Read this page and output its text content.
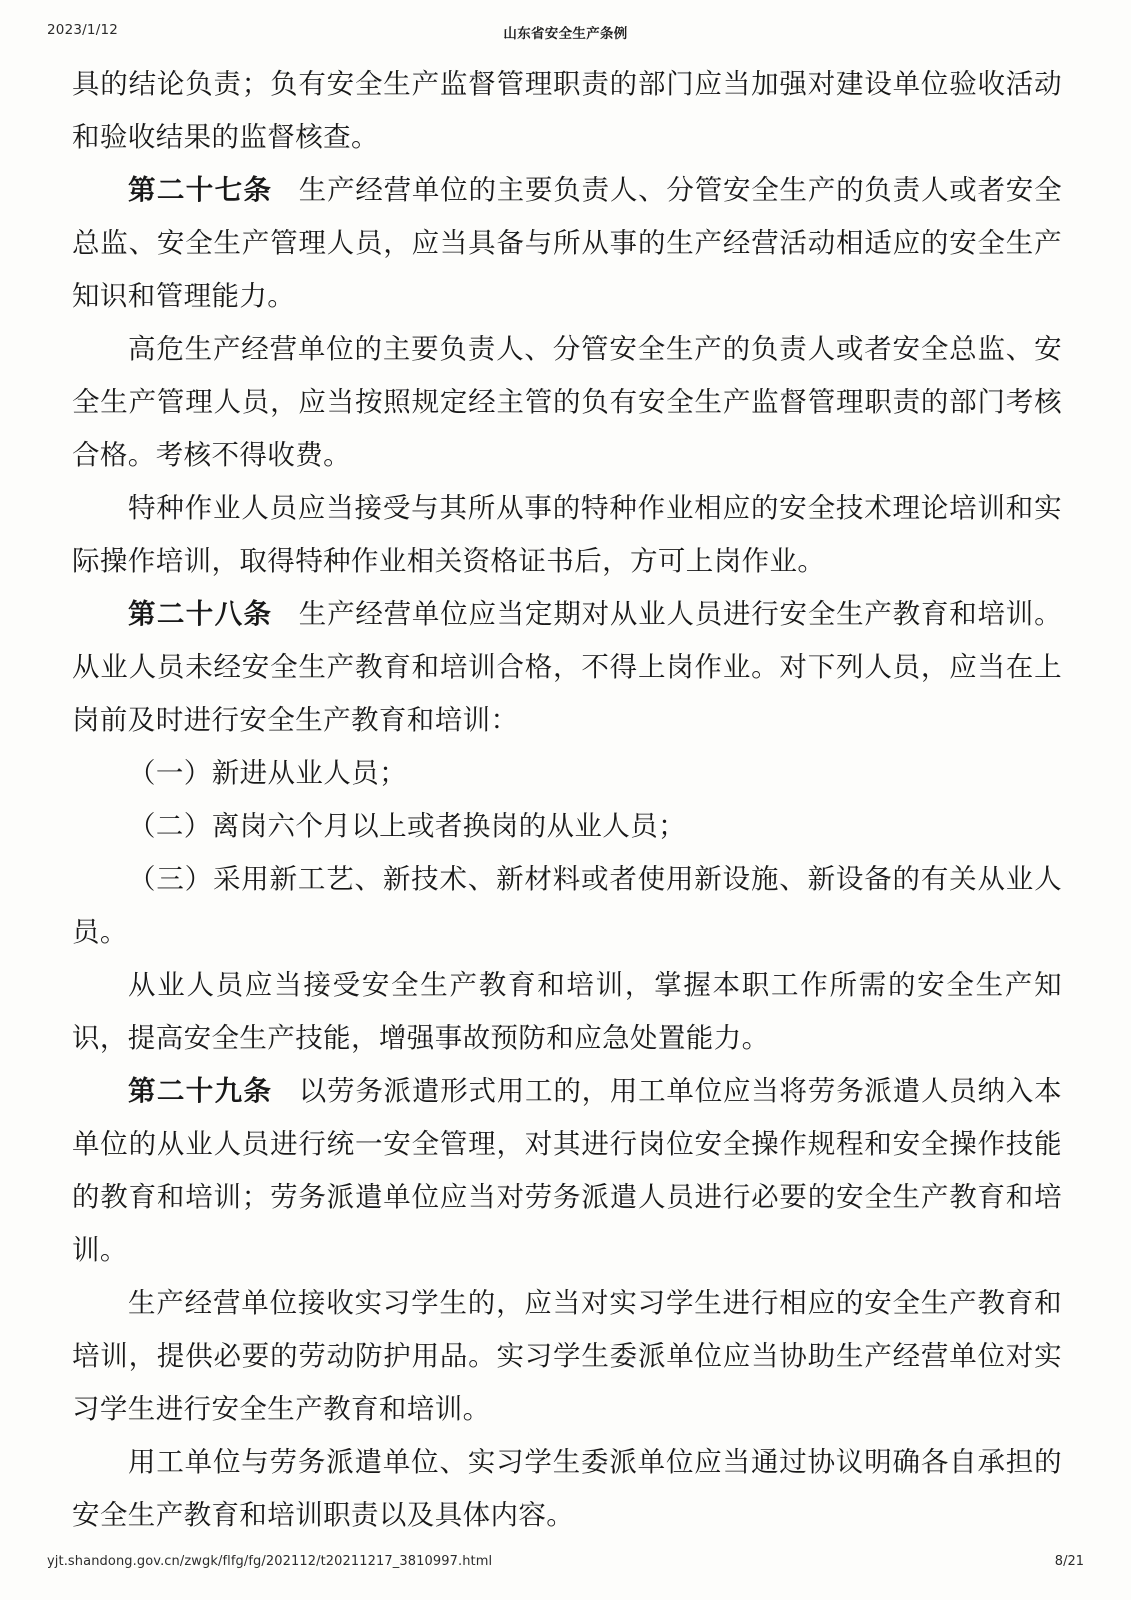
2023/1/12	山东省安全生产条例

具的结论负责；负有安全生产监督管理职责的部门应当加强对建设单位验收活动和验收结果的监督核查。

第二十七条 生产经营单位的主要负责人、分管安全生产的负责人或者安全总监、安全生产管理人员，应当具备与所从事的生产经营活动相适应的安全生产知识和管理能力。

高危生产经营单位的主要负责人、分管安全生产的负责人或者安全总监、安全生产管理人员，应当按照规定经主管的负有安全生产监督管理职责的部门考核合格。考核不得收费。

特种作业人员应当接受与其所从事的特种作业相应的安全技术理论培训和实际操作培训，取得特种作业相关资格证书后，方可上岗作业。

第二十八条 生产经营单位应当定期对从业人员进行安全生产教育和培训。从业人员未经安全生产教育和培训合格，不得上岗作业。对下列人员，应当在上岗前及时进行安全生产教育和培训：

（一）新进从业人员；

（二）离岗六个月以上或者换岗的从业人员；

（三）采用新工艺、新技术、新材料或者使用新设施、新设备的有关从业人员。

从业人员应当接受安全生产教育和培训，掌握本职工作所需的安全生产知识，提高安全生产技能，增强事故预防和应急处置能力。

第二十九条 以劳务派遣形式用工的，用工单位应当将劳务派遣人员纳入本单位的从业人员进行统一安全管理，对其进行岗位安全操作规程和安全操作技能的教育和培训；劳务派遣单位应当对劳务派遣人员进行必要的安全生产教育和培训。

生产经营单位接收实习学生的，应当对实习学生进行相应的安全生产教育和培训，提供必要的劳动防护用品。实习学生委派单位应当协助生产经营单位对实习学生进行安全生产教育和培训。

用工单位与劳务派遣单位、实习学生委派单位应当通过协议明确各自承担的安全生产教育和培训职责以及具体内容。

yjt.shandong.gov.cn/zwgk/flfg/fg/202112/t20211217_3810997.html	8/21
